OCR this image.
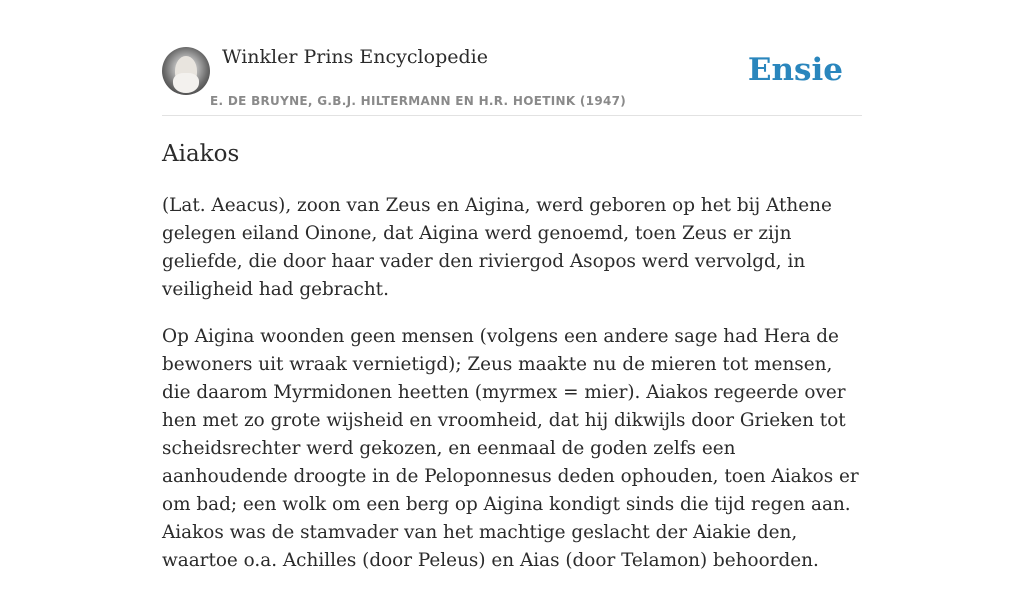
Winkler Prins Encyclopedie
E. DE BRUYNE, G.B.J. HILTERMANN EN H.R. HOETINK (1947)
Ensie
Aiakos

(Lat. Aeacus), zoon van Zeus en Aigina, werd geboren op het bij Athene gelegen eiland Oinone, dat Aigina werd genoemd, toen Zeus er zijn geliefde, die door haar vader den riviergod Asopos werd vervolgd, in veiligheid had gebracht.

Op Aigina woonden geen mensen (volgens een andere sage had Hera de bewoners uit wraak vernietigd); Zeus maakte nu de mieren tot mensen, die daarom Myrmidonen heetten (myrmex = mier). Aiakos regeerde over hen met zo grote wijsheid en vroomheid, dat hij dikwijls door Grieken tot scheidsrechter werd gekozen, en eenmaal de goden zelfs een aanhoudende droogte in de Peloponnesus deden ophouden, toen Aiakos er om bad; een wolk om een berg op Aigina kondigt sinds die tijd regen aan. Aiakos was de stamvader van het machtige geslacht der Aiakie den, waartoe o.a. Achilles (door Peleus) en Aias (door Telamon) behoorden.
